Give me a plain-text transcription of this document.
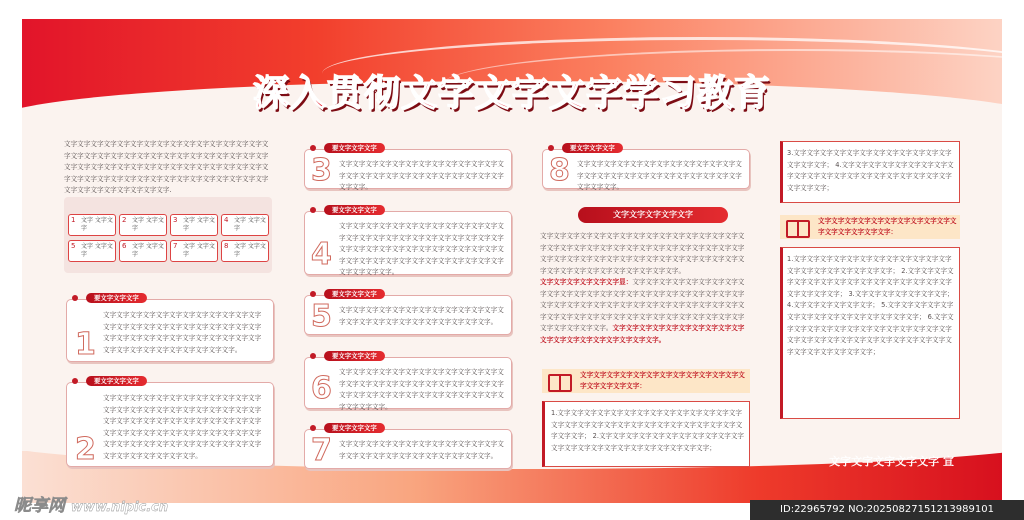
深入贯彻文字文字文字学习教育
文字文字文字文字文字文字文字文字文字文字文字文字文字文字文字文字文字文字文字文字文字文字文字文字文字文字文字文字文字文字文字文字文字文字文字文字文字文字文字文字文字文字文字文字文字文字文字文字文字文字文字文字文字文字文字文字文字文字文字文字文字文字文字文字文字文字文字文字文字文字.
1 文字 文字文字
2 文字 文字文字
3 文字 文字文字
4 文字 文字文字
5 文字 文字文字
6 文字 文字文字
7 文字 文字文字
8 文字 文字文字
1
文字文字文字文字文字文字文字文字文字文字文字文字文字文字文字文字文字文字文字文字文字文字文字文字文字文字文字文字文字文字文字文字文字文字文字文字文字文字文字文字文字文字文字文字文字文字。
要文字文字文字
2
文字文字文字文字文字文字文字文字文字文字文字文字文字文字文字文字文字文字文字文字文字文字文字文字文字文字文字文字文字文字文字文字文字文字文字文字文字文字文字文字文字文字文字文字文字文字文字文字文字文字文字文字文字文字文字文字文字文字文字文字文字文字文字文字文字文字文字。
要文字文字文字
3 文字文字文字文字文字文字文字文字文字文字文字文字文字文字文字文字文字文字文字文字文字文字文字文字文字文字文字。
要文字文字文字
4
文字文字文字文字文字文字文字文字文字文字文字文字文字文字文字文字文字文字文字文字文字文字文字文字文字文字文字文字文字文字文字文字文字文字文字文字文字文字文字文字文字文字文字文字文字文字文字文字文字文字文字文字文字文字。
要文字文字文字
5 文字文字文字文字文字文字文字文字文字文字文字文字文字文字文字文字文字文字文字文字文字文字文字文字。
要文字文字文字
6 文字文字文字文字文字文字文字文字文字文字文字文字文字文字文字文字文字文字文字文字文字文字文字文字文字文字文字文字文字文字文字文字文字文字文字文字文字文字文字文字文字。
要文字文字文字
7 文字文字文字文字文字文字文字文字文字文字文字文字文字文字文字文字文字文字文字文字文字文字文字文字。
要文字文字文字
8 文字文字文字文字文字文字文字文字文字文字文字文字文字文字文字文字文字文字文字文字文字文字文字文字文字文字文字文字。
要文字文字文字
文字文字文字文字文字
文字文字文字文字文字文字文字文字文字文字文字文字文字文字文字文字文字文字文字文字文字文字文字文字文字文字文字文字文字文字文字文字文字文字文字文字文字文字文字文字文字文字文字文字文字文字文字文字文字文字文字文字文字文字文字文字文字。
文字文字文字文字文字文字显：文字文字文字文字文字文字文字文字文字文字文字文字文字文字文字文字文字文字文字文字文字文字文字文字文字文字文字文字文字文字文字文字文字文字文字文字文字文字文字文字文字文字文字文字文字文字文字文字文字文字文字文字文字文字文字文字文字文字文字文字。文字文字文字文字文字文字文字文字文字文字文字文字文字文字文字文字文字文字文字。
文字文字文字文字文字文字文字文字文字文字文字文字文字文字文字文字文字：
1.文字文字文字文字文字文字文字文字文字文字文字文字文字文字文字文字文字文字文字文字文字文字文字文字文字文字文字文字文字文字文字； 2.文字文字文字文字文字文字文字文字文字文字文字文字文字文字文字文字文字文字文字文字文字文字文字；
3.文字文字文字文字文字文字文字文字文字文字文字文字文字文字文字； 4.文字文字文字文字文字文字文字文字文字文字文字文字文字文字文字文字文字文字文字文字文字文字文字文字；
文字文字文字文字文字文字文字文字文字文字文字文字文字文字文字文字：
1.文字文字文字文字文字文字文字文字文字文字文字文字文字文字文字文字文字文字文字文字； 2.文字文字文字文字文字文字文字文字文字文字文字文字文字文字文字文字文字文字文字文字； 3.文字文字文字文字文字文字文字； 4.文字文字文字文字文字文字； 5.文字文字文字文字文字文字文字文字文字文字文字文字文字文字文字； 6.文字文字文字文字文字文字文字文字文字文字文字文字文字文字文字文字文字文字文字文字文字文字文字文字文字文字文字文字文字文字文字文字文字；
文字文字文字文字文字 宣
昵享网 www.nipic.cn	ID:22965792 NO:20250827151213989101
